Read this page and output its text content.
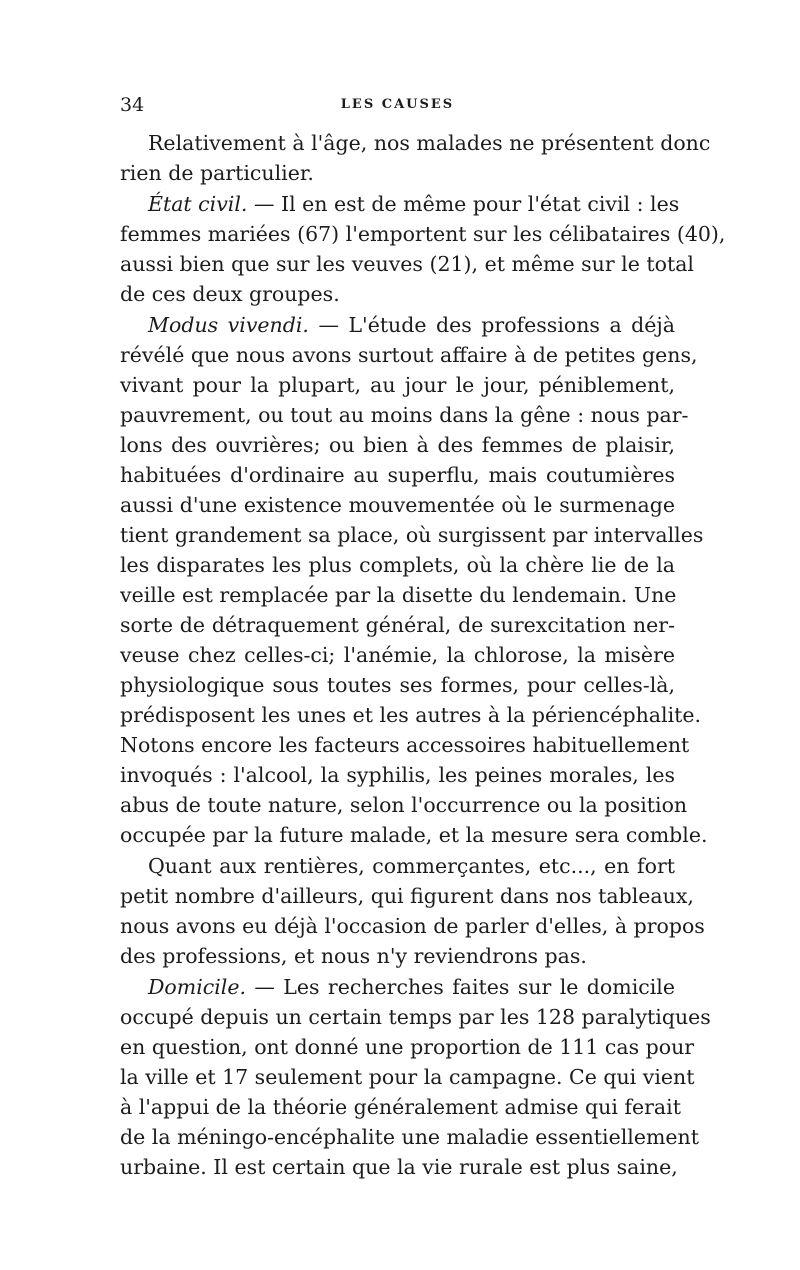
34	LES CAUSES
Relativement à l'âge, nos malades ne présentent donc
rien de particulier.
État civil. — Il en est de même pour l'état civil : les
femmes mariées (67) l'emportent sur les célibataires (40),
aussi bien que sur les veuves (21), et même sur le total
de ces deux groupes.
Modus vivendi. — L'étude des professions a déjà
révélé que nous avons surtout affaire à de petites gens,
vivant pour la plupart, au jour le jour, péniblement,
pauvrement, ou tout au moins dans la gêne : nous par-
lons des ouvrières; ou bien à des femmes de plaisir,
habituées d'ordinaire au superflu, mais coutumières
aussi d'une existence mouvementée où le surmenage
tient grandement sa place, où surgissent par intervalles
les disparates les plus complets, où la chère lie de la
veille est remplacée par la disette du lendemain. Une
sorte de détraquement général, de surexcitation ner-
veuse chez celles-ci; l'anémie, la chlorose, la misère
physiologique sous toutes ses formes, pour celles-là,
prédisposent les unes et les autres à la périencéphalite.
Notons encore les facteurs accessoires habituellement
invoqués : l'alcool, la syphilis, les peines morales, les
abus de toute nature, selon l'occurrence ou la position
occupée par la future malade, et la mesure sera comble.
Quant aux rentières, commerçantes, etc..., en fort
petit nombre d'ailleurs, qui figurent dans nos tableaux,
nous avons eu déjà l'occasion de parler d'elles, à propos
des professions, et nous n'y reviendrons pas.
Domicile. — Les recherches faites sur le domicile
occupé depuis un certain temps par les 128 paralytiques
en question, ont donné une proportion de 111 cas pour
la ville et 17 seulement pour la campagne. Ce qui vient
à l'appui de la théorie généralement admise qui ferait
de la méningo-encéphalite une maladie essentiellement
urbaine. Il est certain que la vie rurale est plus saine,
